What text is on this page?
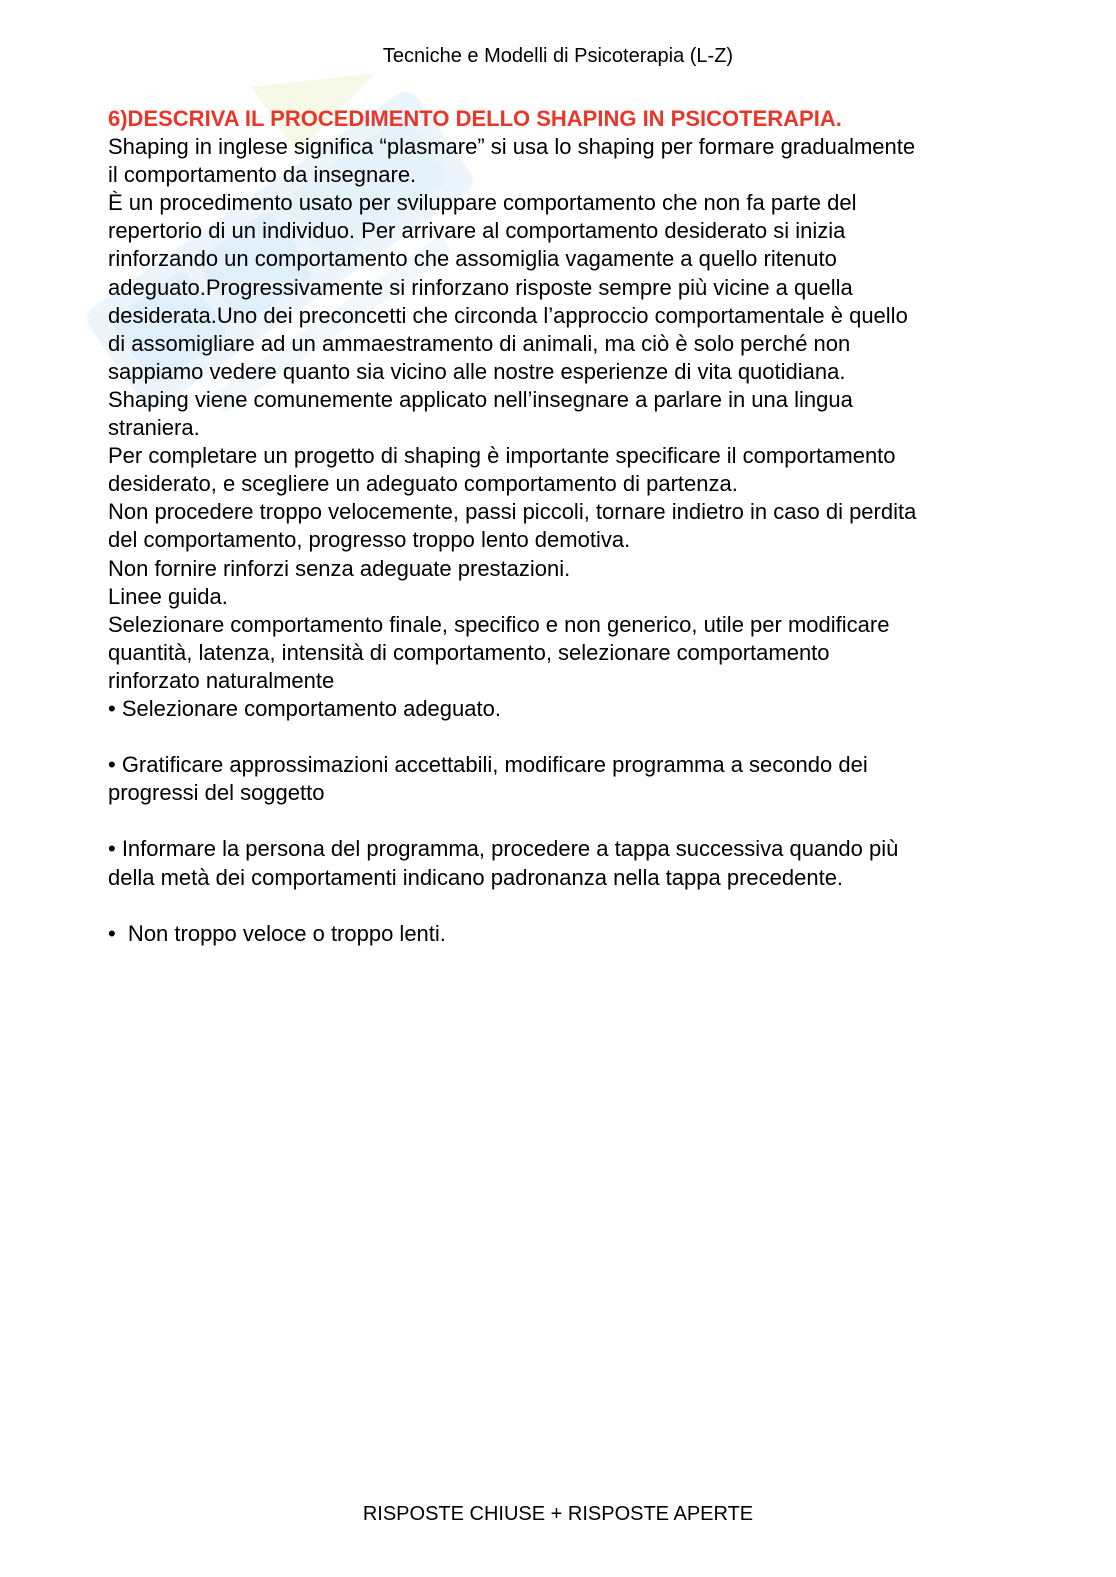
Tecniche e Modelli di Psicoterapia (L-Z)

6)DESCRIVA IL PROCEDIMENTO DELLO SHAPING IN PSICOTERAPIA.

Shaping in inglese significa “plasmare” si usa lo shaping per formare gradualmente

il comportamento da insegnare.

È un procedimento usato per sviluppare comportamento che non fa parte del

repertorio di un individuo. Per arrivare al comportamento desiderato si inizia

rinforzando un comportamento che assomiglia vagamente a quello ritenuto

adeguato.Progressivamente si rinforzano risposte sempre più vicine a quella

desiderata.Uno dei preconcetti che circonda l’approccio comportamentale è quello

di assomigliare ad un ammaestramento di animali, ma ciò è solo perché non

sappiamo vedere quanto sia vicino alle nostre esperienze di vita quotidiana.

Shaping viene comunemente applicato nell’insegnare a parlare in una lingua

straniera.

Per completare un progetto di shaping è importante specificare il comportamento

desiderato, e scegliere un adeguato comportamento di partenza.

Non procedere troppo velocemente, passi piccoli, tornare indietro in caso di perdita

del comportamento, progresso troppo lento demotiva.

Non fornire rinforzi senza adeguate prestazioni.

Linee guida.

Selezionare comportamento finale, specifico e non generico, utile per modificare

quantità, latenza, intensità di comportamento, selezionare comportamento

rinforzato naturalmente

• Selezionare comportamento adeguato.

• Gratificare approssimazioni accettabili, modificare programma a secondo dei

progressi del soggetto

• Informare la persona del programma, procedere a tappa successiva quando più

della metà dei comportamenti indicano padronanza nella tappa precedente.

•  Non troppo veloce o troppo lenti.

RISPOSTE CHIUSE + RISPOSTE APERTE
